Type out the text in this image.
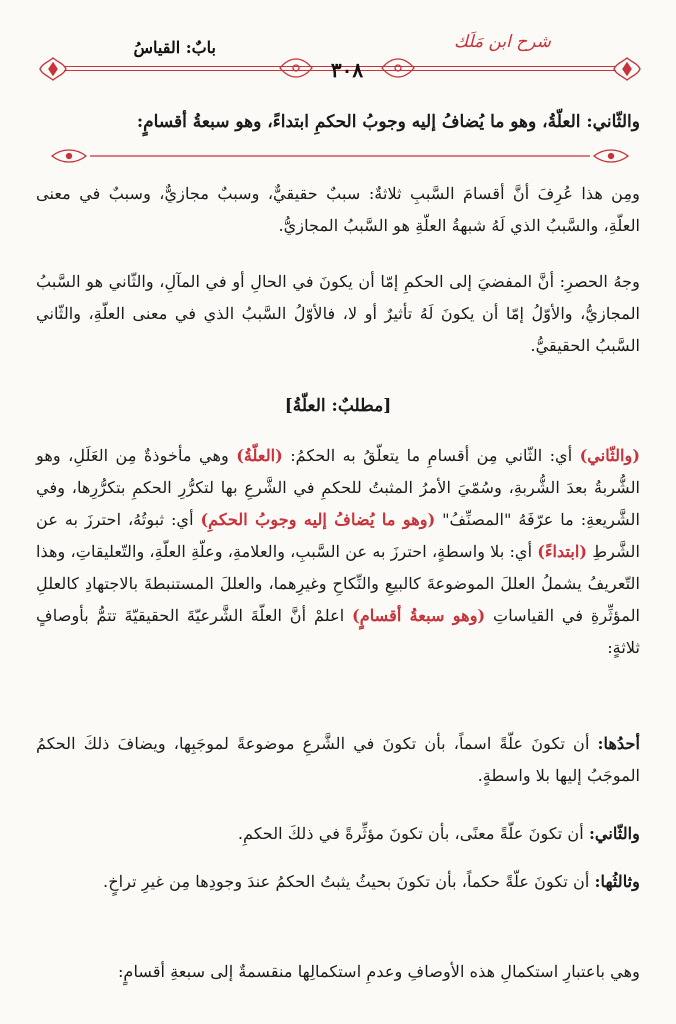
بابٌ: القياسُ
٣٠٨
شرح ابن مَلَك
والثّاني: العلّةُ، وهو ما يُضافُ إليه وجوبُ الحكمِ ابتداءً، وهو سبعةُ أقسامٍ:

ومِن هذا عُرِفَ أنَّ أقسامَ السَّببِ ثلاثةٌ: سببٌ حقيقيٌّ، وسببٌ مجازيٌّ، وسببٌ في معنى العلّةِ، والسَّببُ الذي لَهُ شبهةُ العلّةِ هو السَّببُ المجازيُّ.

وجهُ الحصرِ: أنَّ المفضيَ إلى الحكمِ إمّا أن يكونَ في الحالِ أو في المآلِ، والثّاني هو السَّببُ المجازيُّ، والأوّلُ إمّا أن يكونَ لَهُ تأثيرٌ أو لا، فالأوّلُ السَّببُ الذي في معنى العلّةِ، والثّاني السَّببُ الحقيقيُّ.

[مطلبٌ: العلّةُ]

(والثّاني) أي: الثّاني مِن أقسامِ ما يتعلّقُ به الحكمُ: (العلّةُ) وهي مأخوذةٌ مِن العَلَلِ، وهو الشُّربةُ بعدَ الشُّربةِ، وسُمّيَ الأمرُ المثبتُ للحكمِ في الشَّرعِ بها لتكرُّرِ الحكمِ بتكرُّرِها، وفي الشَّريعةِ: ما عرّفَهُ "المصنِّفُ" (وهو ما يُضافُ إليه وجوبُ الحكمِ) أي: ثبوتُهُ، احترزَ به عن الشَّرطِ (ابتداءً) أي: بلا واسطةٍ، احترزَ به عن السَّببِ، والعلامةِ، وعلّةِ العلّةِ، والتّعليقاتِ، وهذا التّعريفُ يشملُ العللَ الموضوعةَ كالبيعِ والنِّكاحِ وغيرِهما، والعللَ المستنبطةَ بالاجتهادِ كالعللِ المؤثِّرةِ في القياساتِ (وهو سبعةُ أقسامٍ) اعلمْ أنَّ العلّةَ الشَّرعيّةَ الحقيقيّةَ تتمُّ بأوصافٍ ثلاثةٍ:

أحدُها: أن تكونَ علّةً اسماً، بأن تكونَ في الشَّرعِ موضوعةً لموجَبِها، ويضافَ ذلكَ الحكمُ الموجَبُ إليها بلا واسطةٍ.

والثّاني: أن تكونَ علّةً معنًى، بأن تكونَ مؤثِّرةً في ذلكَ الحكمِ.

وثالثُها: أن تكونَ علّةً حكماً، بأن تكونَ بحيثُ يثبتُ الحكمُ عندَ وجودِها مِن غيرِ تراخٍ.

وهي باعتبارِ استكمالِ هذه الأوصافِ وعدمِ استكمالِها منقسمةٌ إلى سبعةِ أقسامٍ:
